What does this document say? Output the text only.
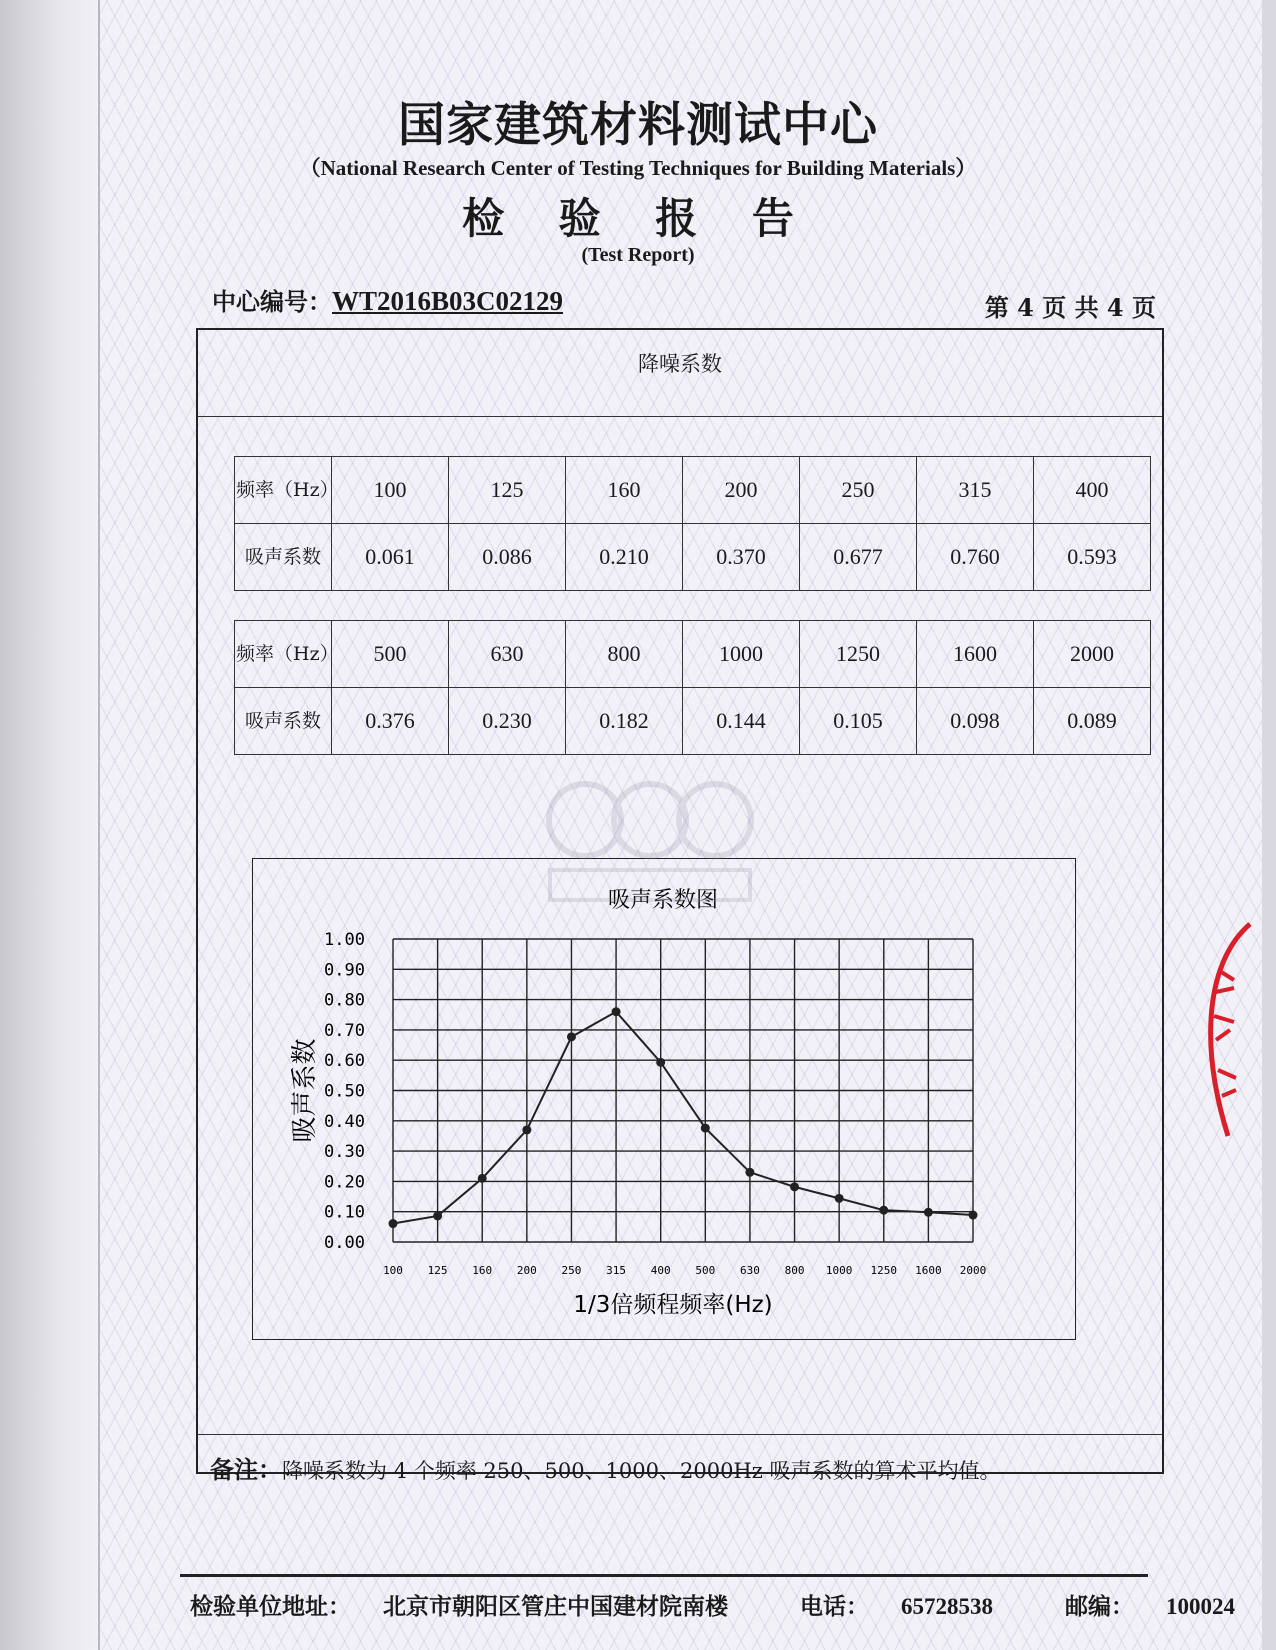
国家建筑材料测试中心
（National Research Center of Testing Techniques for Building Materials）
检 验 报 告
(Test Report)
中心编号：WT2016B03C02129	第 4 页 共 4 页
降噪系数
频率（Hz）	100	125	160	200	250	315	400
吸声系数	0.061	0.086	0.210	0.370	0.677	0.760	0.593
频率（Hz）	500	630	800	1000	1250	1600	2000
吸声系数	0.376	0.230	0.182	0.144	0.105	0.098	0.089
吸声系数图
0.00
0.10
0.20
0.30
0.40
0.50
0.60
0.70
0.80
0.90
1.00
100 125 160 200 250 315 400 500 630 800 1000 1250 1600 2000
1/3倍频程频率(Hz)
吸声系数
备注：降噪系数为 4 个频率 250、500、1000、2000Hz 吸声系数的算术平均值。
检验单位地址： 北京市朝阳区管庄中国建材院南楼	电话： 65728538	邮编： 100024
